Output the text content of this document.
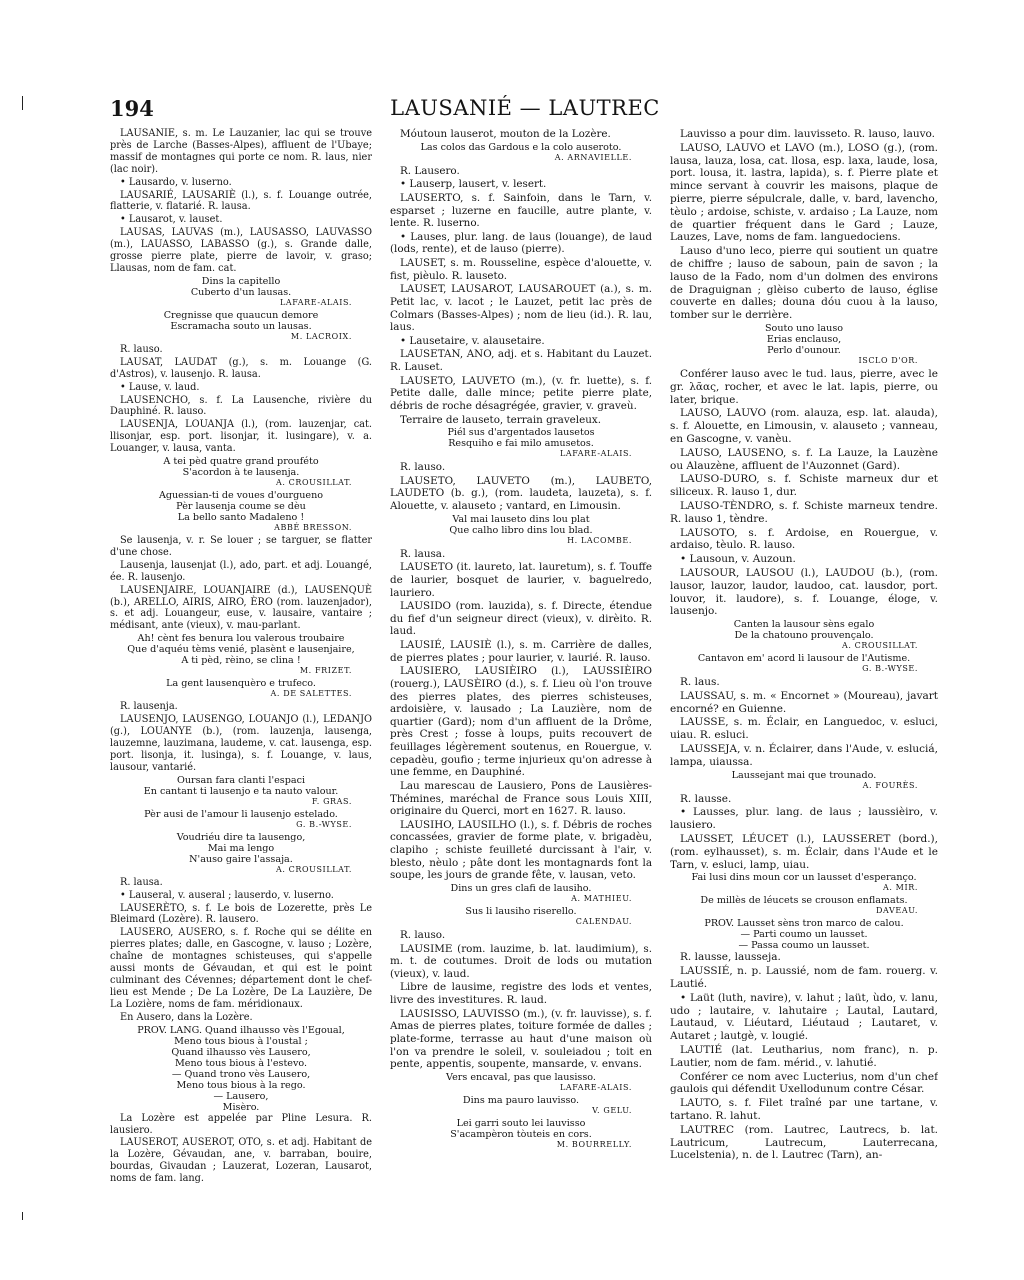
194	LAUSANIÉ — LAUTREC

LAUSANIÈ, s. m. Le Lauzanier, lac qui se trouve près de Larche (Basses-Alpes), affluent de l'Ubaye; massif de montagnes qui porte ce nom. R. laus, nier (lac noir).

• Lausardo, v. luserno.

LAUSARIÉ, LAUSARIÈ (l.), s. f. Louange outrée, flatterie, v. flatarié. R. lausa.

• Lausarot, v. lauset.

LAUSAS, LAUVAS (m.), LAUSASSO, LAUVASSO (m.), LAUASSO, LABASSO (g.), s. Grande dalle, grosse pierre plate, pierre de lavoir, v. graso; Llausas, nom de fam. cat.

Dins la capitello

Cuberto d'un lausas.

LAFARE-ALAIS.

Cregnisse que quaucun demore

Escramacha souto un lausas.

M. LACROIX.

R. lauso.

LAUSAT, LAUDAT (g.), s. m. Louange (G. d'Astros), v. lausenjo. R. lausa.

• Lause, v. laud.

LAUSENCHO, s. f. La Lausenche, rivière du Dauphiné. R. lauso.

LAUSENJA, LOUANJA (l.), (rom. lauzenjar, cat. llisonjar, esp. port. lisonjar, it. lusingare), v. a. Louanger, v. lausa, vanta.

A tei pèd quatre grand prouféto

S'acordon à te lausenja.

A. CROUSILLAT.

Aguessian-ti de voues d'ourgueno

Pèr lausenja coume se dèu

La bello santo Madaleno !

ABBÉ BRESSON.

Se lausenja, v. r. Se louer ; se targuer, se flatter d'une chose.

Lausenja, lausenjat (l.), ado, part. et adj. Louangé, ée. R. lausenjo.

LAUSENJAIRE, LOUANJAIRE (d.), LAUSENQUÈ (b.), ARELLO, AIRIS, AIRO, ÈRO (rom. lauzenjador), s. et adj. Louangeur, euse, v. lausaire, vantaire ; médisant, ante (vieux), v. mau-parlant.

Ah! cènt fes benura lou valerous troubaire

Que d'aquéu tèms venié, plasènt e lausenjaire,

A ti pèd, rèino, se clina !

M. FRIZET.

La gent lausenquèro e trufeco.

A. DE SALETTES.

R. lausenja.

LAUSENJO, LAUSENGO, LOUANJO (l.), LEDANJO (g.), LOUANYE (b.), (rom. lauzenja, lausenga, lauzemne, lauzimana, laudeme, v. cat. lausenga, esp. port. lisonja, it. lusinga), s. f. Louange, v. laus, lausour, vantarié.

Oursan fara clanti l'espaci

En cantant ti lausenjo e ta nauto valour.

F. GRAS.

Pèr ausi de l'amour li lausenjo estelado.

G. B.-WYSE.

Voudriéu dire ta lausengo,

Mai ma lengo

N'auso gaire l'assaja.

A. CROUSILLAT.

R. lausa.

• Lauseral, v. auseral ; lauserdo, v. luserno.

LAUSERÈTO, s. f. Le bois de Lozerette, près Le Bleimard (Lozère). R. lausero.

LAUSERO, AUSERO, s. f. Roche qui se délite en pierres plates; dalle, en Gascogne, v. lauso ; Lozère, chaîne de montagnes schisteuses, qui s'appelle aussi monts de Gévaudan, et qui est le point culminant des Cévennes; département dont le chef-lieu est Mende ; De La Lozère, De La Lauzière, De La Lozière, noms de fam. méridionaux.

En Ausero, dans la Lozère.

PROV. LANG. Quand ilhausso vès l'Egoual,

Meno tous bious à l'oustal ;

Quand ilhausso vès Lausero,

Meno tous bious à l'estevo.

— Quand trono vès Lausero,

Meno tous bious à la rego.

— Lausero,

Misèro.

La Lozère est appelée par Pline Lesura. R. lausiero.

LAUSEROT, AUSEROT, OTO, s. et adj. Habitant de la Lozère, Gévaudan, ane, v. barraban, bouire, bourdas, Givaudan ; Lauzerat, Lozeran, Lausarot, noms de fam. lang.

Móutoun lauserot, mouton de la Lozère.

Las colos das Gardous e la colo auseroto.

A. ARNAVIELLE.

R. Lausero.

• Lauserp, lausert, v. lesert.

LAUSERTO, s. f. Sainfoin, dans le Tarn, v. esparset ; luzerne en faucille, autre plante, v. lente. R. luserno.

• Lauses, plur. lang. de laus (louange), de laud (lods, rente), et de lauso (pierre).

LAUSET, s. m. Rousseline, espèce d'alouette, v. fist, pièulo. R. lauseto.

LAUSET, LAUSAROT, LAUSAROUET (a.), s. m. Petit lac, v. lacot ; le Lauzet, petit lac près de Colmars (Basses-Alpes) ; nom de lieu (id.). R. lau, laus.

• Lausetaire, v. alausetaire.

LAUSETAN, ANO, adj. et s. Habitant du Lauzet. R. Lauset.

LAUSETO, LAUVETO (m.), (v. fr. luette), s. f. Petite dalle, dalle mince; petite pierre plate, débris de roche désagrégée, gravier, v. graveù.

Terraire de lauseto, terrain graveleux.

Piél sus d'argentados lausetos

Resquiho e fai milo amusetos.

LAFARE-ALAIS.

R. lauso.

LAUSETO, LAUVETO (m.), LAUBETO, LAUDETO (b. g.), (rom. laudeta, lauzeta), s. f. Alouette, v. alauseto ; vantard, en Limousin.

Val mai lauseto dins lou plat

Que calho libro dins lou blad.

H. LACOMBE.

R. lausa.

LAUSETO (it. laureto, lat. lauretum), s. f. Touffe de laurier, bosquet de laurier, v. baguelredo, lauriero.

LAUSIDO (rom. lauzida), s. f. Directe, étendue du fief d'un seigneur direct (vieux), v. dirèito. R. laud.

LAUSIÉ, LAUSIÈ (l.), s. m. Carrière de dalles, de pierres plates ; pour laurier, v. laurié. R. lauso.

LAUSIERO, LAUSIÈIRO (l.), LAUSSIÈIRO (rouerg.), LAUSÈIRO (d.), s. f. Lieu où l'on trouve des pierres plates, des pierres schisteuses, ardoisière, v. lausado ; La Lauzière, nom de quartier (Gard); nom d'un affluent de la Drôme, près Crest ; fosse à loups, puits recouvert de feuillages légèrement soutenus, en Rouergue, v. cepadèu, goufio ; terme injurieux qu'on adresse à une femme, en Dauphiné.

Lau marescau de Lausiero, Pons de Lausières-Thémines, maréchal de France sous Louis XIII, originaire du Querci, mort en 1627. R. lauso.

LAUSIHO, LAUSILHO (l.), s. f. Débris de roches concassées, gravier de forme plate, v. brigadèu, clapiho ; schiste feuilleté durcissant à l'air, v. blesto, nèulo ; pâte dont les montagnards font la soupe, les jours de grande fête, v. lausan, veto.

Dins un gres clafi de lausiho.

A. MATHIEU.

Sus li lausiho riserello.

CALENDAU.

R. lauso.

LAUSIME (rom. lauzime, b. lat. laudimium), s. m. t. de coutumes. Droit de lods ou mutation (vieux), v. laud.

Libre de lausime, registre des lods et ventes, livre des investitures. R. laud.

LAUSISSO, LAUVISSO (m.), (v. fr. lauvisse), s. f. Amas de pierres plates, toiture formée de dalles ; plate-forme, terrasse au haut d'une maison où l'on va prendre le soleil, v. souleiadou ; toit en pente, appentis, soupente, mansarde, v. envans.

Vers encaval, pas que lausisso.

LAFARE-ALAIS.

Dins ma pauro lauvisso.

V. GELU.

Lei garri souto lei lauvisso

S'acampèron tòuteis en cors.

M. BOURRELLY.

Lauvisso a pour dim. lauvisseto. R. lauso, lauvo.

LAUSO, LAUVO et LAVO (m.), LOSO (g.), (rom. lausa, lauza, losa, cat. llosa, esp. laxa, laude, losa, port. lousa, it. lastra, lapida), s. f. Pierre plate et mince servant à couvrir les maisons, plaque de pierre, pierre sépulcrale, dalle, v. bard, lavencho, tèulo ; ardoise, schiste, v. ardaiso ; La Lauze, nom de quartier fréquent dans le Gard ; Lauze, Lauzes, Lave, noms de fam. languedociens.

Lauso d'uno leco, pierre qui soutient un quatre de chiffre ; lauso de saboun, pain de savon ; la lauso de la Fado, nom d'un dolmen des environs de Draguignan ; glèiso cuberto de lauso, église couverte en dalles; douna dóu cuou à la lauso, tomber sur le derrière.

Souto uno lauso

Erias enclauso,

Perlo d'ounour.

ISCLO D'OR.

Conférer lauso avec le tud. laus, pierre, avec le gr. λᾶας, rocher, et avec le lat. lapis, pierre, ou later, brique.

LAUSO, LAUVO (rom. alauza, esp. lat. alauda), s. f. Alouette, en Limousin, v. alauseto ; vanneau, en Gascogne, v. vanèu.

LAUSO, LAUSENO, s. f. La Lauze, la Lauzène ou Alauzène, affluent de l'Auzonnet (Gard).

LAUSO-DURO, s. f. Schiste marneux dur et siliceux. R. lauso 1, dur.

LAUSO-TÈNDRO, s. f. Schiste marneux tendre. R. lauso 1, tèndre.

LAUSOTO, s. f. Ardoise, en Rouergue, v. ardaiso, tèulo. R. lauso.

• Lausoun, v. Auzoun.

LAUSOUR, LAUSOU (l.), LAUDOU (b.), (rom. lausor, lauzor, laudor, laudoo, cat. lausdor, port. louvor, it. laudore), s. f. Louange, éloge, v. lausenjo.

Canten la lausour sèns egalo

De la chatouno prouvençalo.

A. CROUSILLAT.

Cantavon em' acord li lausour de l'Autisme.

G. B.-WYSE.

R. laus.

LAUSSAU, s. m. « Encornet » (Moureau), javart encorné? en Guienne.

LAUSSE, s. m. Éclair, en Languedoc, v. esluci, uiau. R. esluci.

LAUSSEJA, v. n. Éclairer, dans l'Aude, v. esluciá, lampa, uiaussa.

Laussejant mai que trounado.

A. FOURÈS.

R. lausse.

• Lausses, plur. lang. de laus ; laussièiro, v. lausiero.

LAUSSET, LÉUCET (l.), LAUSSERET (bord.), (rom. eylhausset), s. m. Éclair, dans l'Aude et le Tarn, v. esluci, lamp, uiau.

Fai lusi dins moun cor un lausset d'esperanço.

A. MIR.

De millès de léucets se crouson enflamats.

DAVEAU.

PROV. Lausset sèns tron marco de calou.

— Parti coumo un lausset.

— Passa coumo un lausset.

R. lausse, lausseja.

LAUSSIÉ, n. p. Laussié, nom de fam. rouerg. v. Lautié.

• Laüt (luth, navire), v. lahut ; laüt, ùdo, v. lanu, udo ; lautaire, v. lahutaire ; Lautal, Lautard, Lautaud, v. Liéutard, Liéutaud ; Lautaret, v. Autaret ; lautgè, v. lougié.

LAUTIÉ (lat. Leutharius, nom franc), n. p. Lautier, nom de fam. mérid., v. lahutié.

Conférer ce nom avec Lucterius, nom d'un chef gaulois qui défendit Uxellodunum contre César.

LAUTO, s. f. Filet traîné par une tartane, v. tartano. R. lahut.

LAUTREC (rom. Lautrec, Lautrecs, b. lat. Lautricum, Lautrecum, Lauterrecana, Lucelstenia), n. de l. Lautrec (Tarn), an-
